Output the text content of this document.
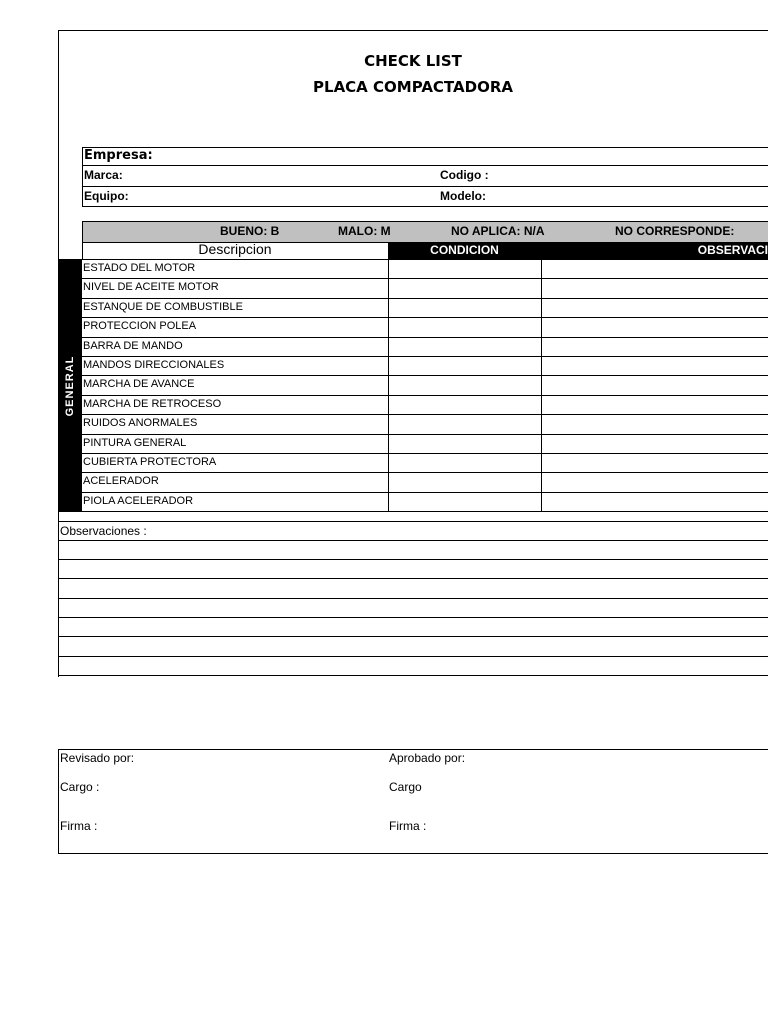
CHECK LIST
PLACA COMPACTADORA
Empresa:
Marca:	Codigo :
Equipo:	Modelo:
BUENO: B	MALO: M	NO APLICA: N/A	NO CORRESPONDE:
Descripcion	CONDICION	OBSERVACI
GENERAL
ESTADO DEL MOTOR
NIVEL DE ACEITE MOTOR
ESTANQUE DE COMBUSTIBLE
PROTECCION POLEA
BARRA DE MANDO
MANDOS DIRECCIONALES
MARCHA DE AVANCE
MARCHA DE RETROCESO
RUIDOS ANORMALES
PINTURA GENERAL
CUBIERTA PROTECTORA
ACELERADOR
PIOLA ACELERADOR
Observaciones :
Revisado por:	Aprobado por:
Cargo :	Cargo
Firma :	Firma :
